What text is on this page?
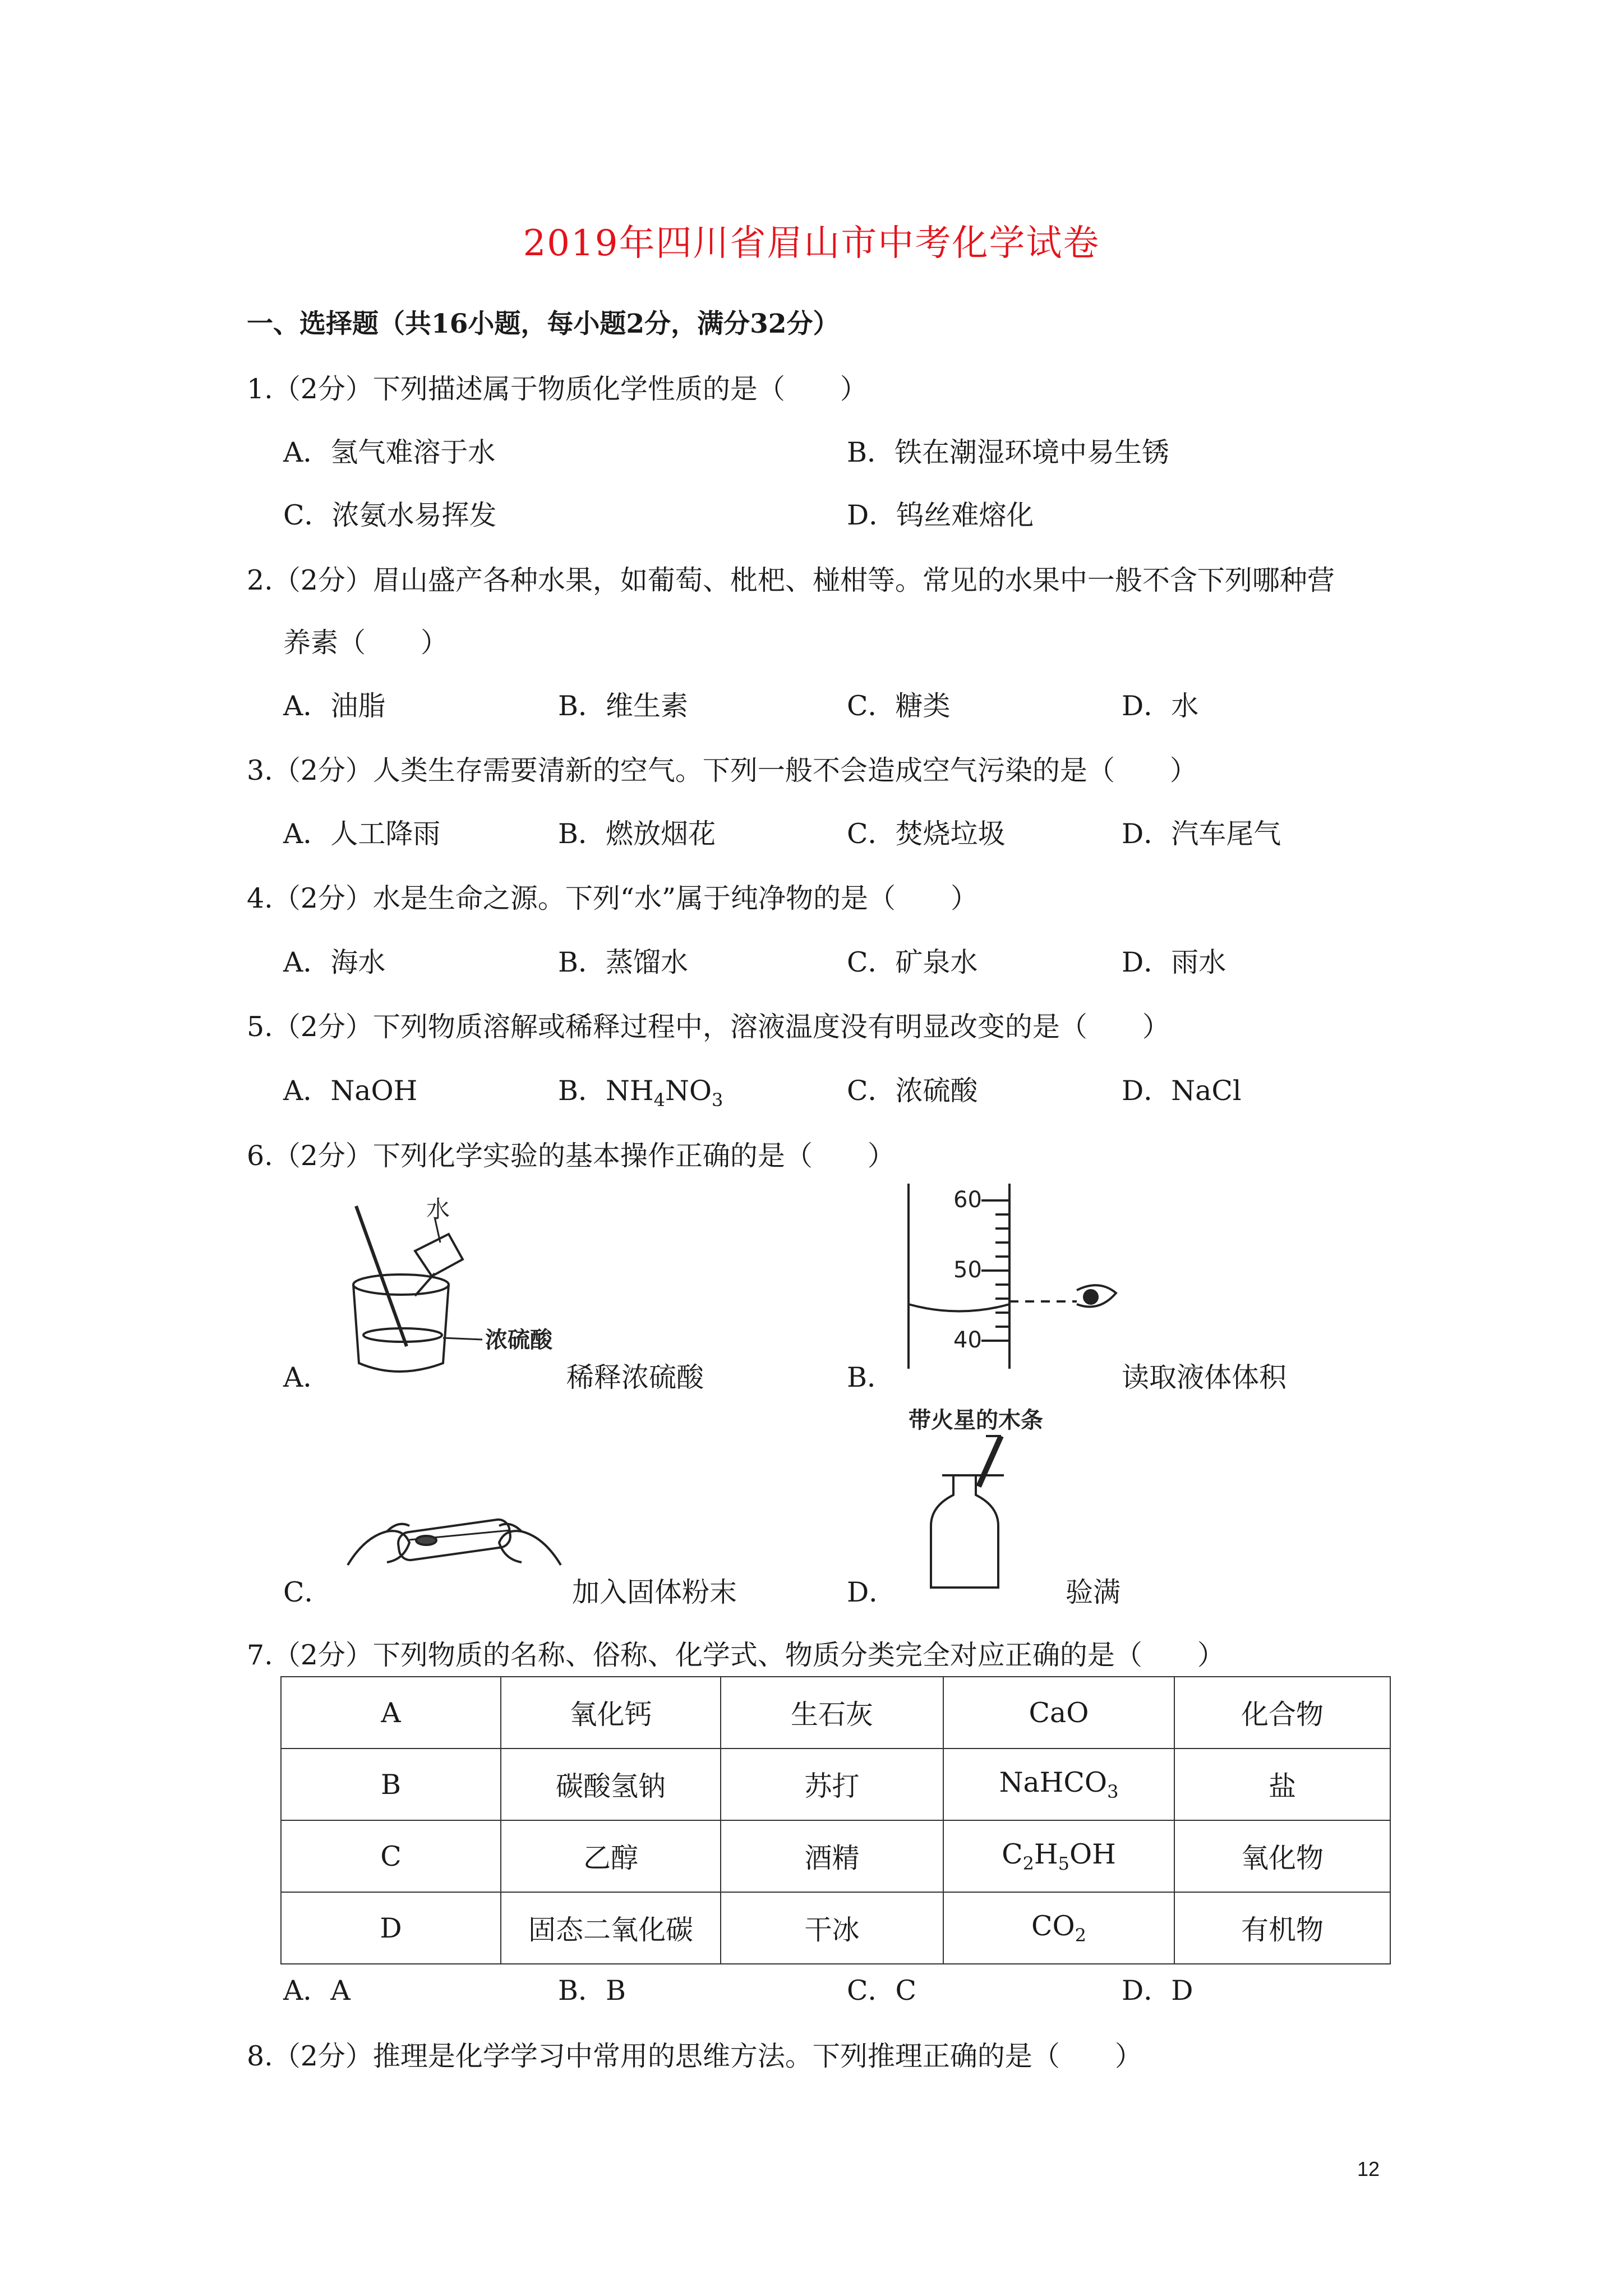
2019年四川省眉山市中考化学试卷
一、选择题（共16小题，每小题2分，满分32分）
1.（2分）下列描述属于物质化学性质的是（　　）
A．氢气难溶于水	B．铁在潮湿环境中易生锈
C．浓氨水易挥发	D．钨丝难熔化
2.（2分）眉山盛产各种水果，如葡萄、枇杷、椪柑等。常见的水果中一般不含下列哪种营
养素（　　）
A．油脂	B．维生素	C．糖类	D．水
3.（2分）人类生存需要清新的空气。下列一般不会造成空气污染的是（　　）
A．人工降雨	B．燃放烟花	C．焚烧垃圾	D．汽车尾气
4.（2分）水是生命之源。下列“水”属于纯净物的是（　　）
A．海水	B．蒸馏水	C．矿泉水	D．雨水
5.（2分）下列物质溶解或稀释过程中，溶液温度没有明显改变的是（　　）
A．NaOH	B．$NH_4NO_3$	C．浓硫酸	D．NaCl
6.（2分）下列化学实验的基本操作正确的是（　　）
A．	稀释浓硫酸	B．	读取液体体积
C．	加入固体粉末	D．	验满
水
浓硫酸
60
50
40
带火星的木条
7.（2分）下列物质的名称、俗称、化学式、物质分类完全对应正确的是（　　）
A	氧化钙	生石灰	CaO	化合物
B	碳酸氢钠	苏打	NaHCO$_3$	盐
C	乙醇	酒精	$C_2H_5OH$	氧化物
D	固态二氧化碳	干冰	$CO_2$	有机物
A．A	B．B	C．C	D．D
8.（2分）推理是化学学习中常用的思维方法。下列推理正确的是（　　）
12
